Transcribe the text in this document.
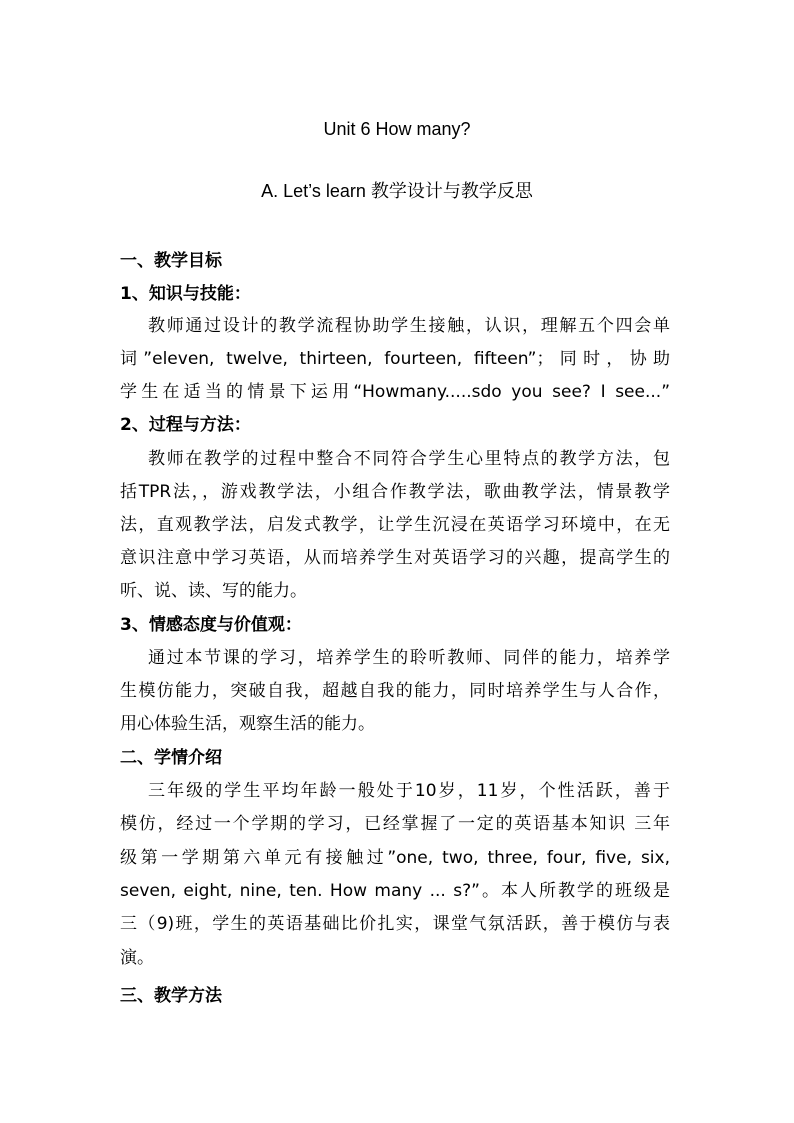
Unit 6 How many?
A. Let’s learn 教学设计与教学反思
一、教学目标
1、知识与技能：
教师通过设计的教学流程协助学生接触，认识，理解五个四会单
词”eleven, twelve, thirteen, fourteen, fifteen”；同时，协助
学生在适当的情景下运用“Howmany.....sdo you see? I see...”
2、过程与方法：
教师在教学的过程中整合不同符合学生心里特点的教学方法，包
括TPR法，，游戏教学法，小组合作教学法，歌曲教学法，情景教学
法，直观教学法，启发式教学，让学生沉浸在英语学习环境中，在无
意识注意中学习英语，从而培养学生对英语学习的兴趣，提高学生的
听、说、读、写的能力。
3、情感态度与价值观：
通过本节课的学习，培养学生的聆听教师、同伴的能力，培养学
生模仿能力，突破自我，超越自我的能力，同时培养学生与人合作，
用心体验生活，观察生活的能力。
二、学情介绍
三年级的学生平均年龄一般处于10岁，11岁，个性活跃，善于
模仿，经过一个学期的学习，已经掌握了一定的英语基本知识 三年
级第一学期第六单元有接触过”one, two, three, four, five, six,
seven, eight, nine, ten. How many ... s?”。本人所教学的班级是
三（9)班，学生的英语基础比价扎实，课堂气氛活跃，善于模仿与表
演。
三、教学方法
